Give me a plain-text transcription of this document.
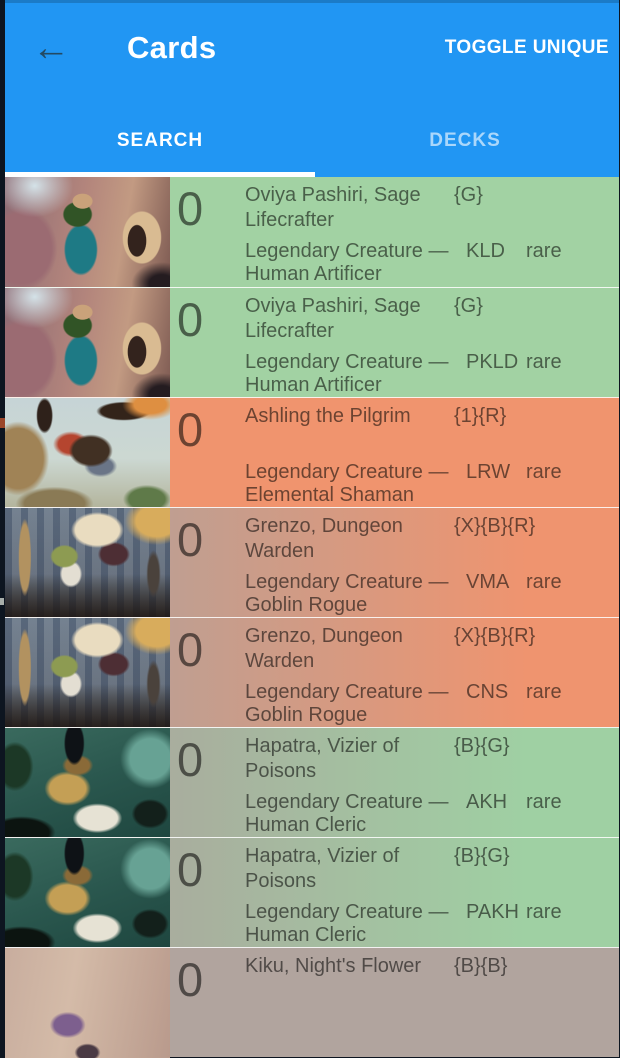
← Cards	TOGGLE UNIQUE
SEARCH	DECKS
0 Oviya Pashiri, Sage Lifecrafter
{G}
Legendary Creature — Human Artificer
KLD	rare
0 Oviya Pashiri, Sage Lifecrafter
{G}
Legendary Creature — Human Artificer
PKLD rare
0 Ashling the Pilgrim	{1}{R}
Legendary Creature — Elemental Shaman
LRW rare
0 Grenzo, Dungeon Warden
{X}{B}{R}
Legendary Creature — Goblin Rogue
VMA rare
0 Grenzo, Dungeon Warden
{X}{B}{R}
Legendary Creature — Goblin Rogue
CNS rare
0 Hapatra, Vizier of Poisons
{B}{G}
Legendary Creature — Human Cleric
AKH rare
0 Hapatra, Vizier of Poisons
{B}{G}
Legendary Creature — Human Cleric
PAKH rare
0 Kiku, Night's Flower	{B}{B}
